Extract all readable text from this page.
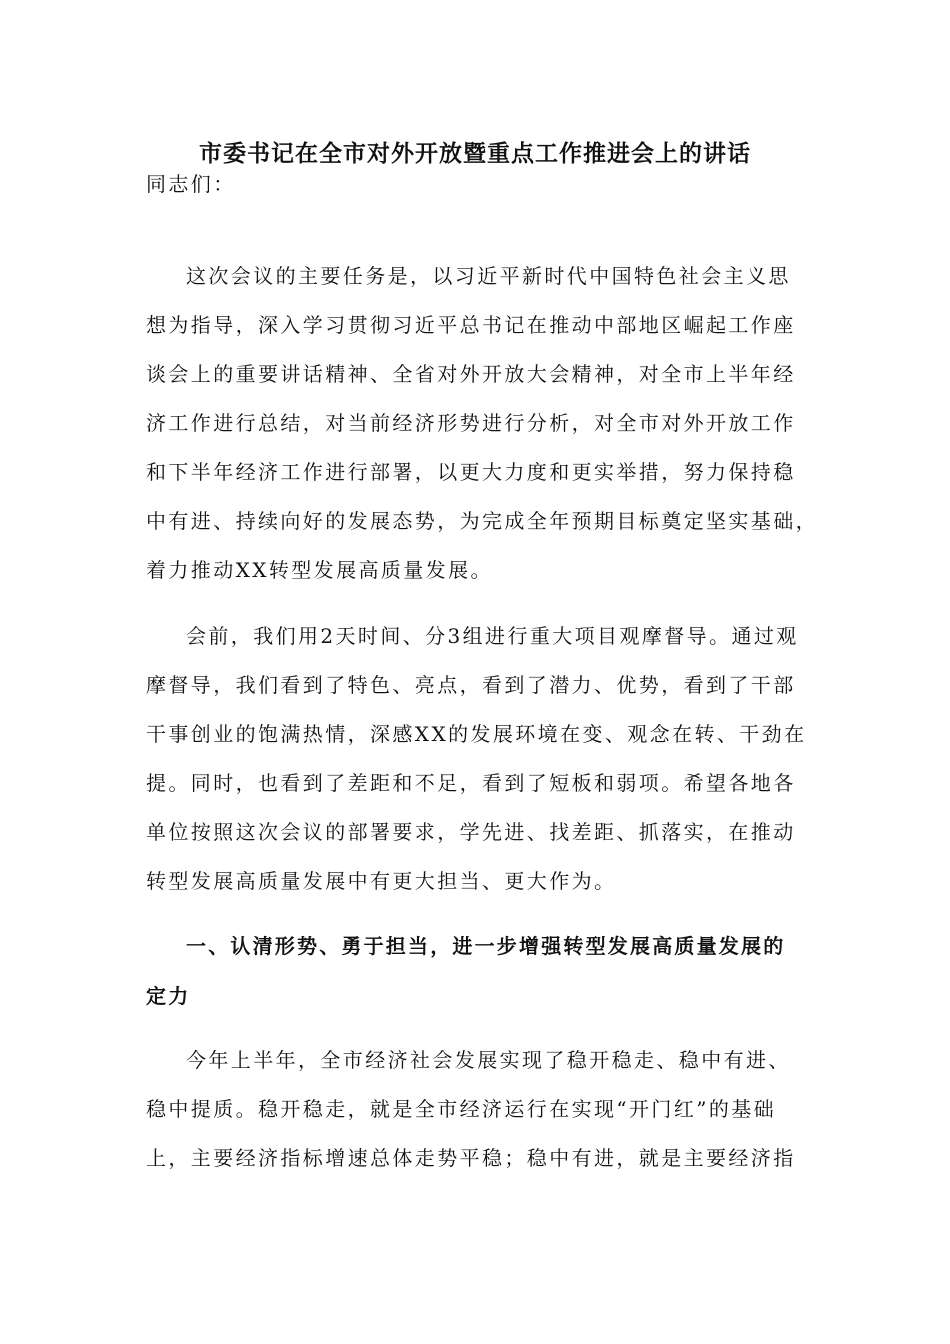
市委书记在全市对外开放暨重点工作推进会上的讲话

同志们：

这次会议的主要任务是，以习近平新时代中国特色社会主义思

想为指导，深入学习贯彻习近平总书记在推动中部地区崛起工作座

谈会上的重要讲话精神、全省对外开放大会精神，对全市上半年经

济工作进行总结，对当前经济形势进行分析，对全市对外开放工作

和下半年经济工作进行部署，以更大力度和更实举措，努力保持稳

中有进、持续向好的发展态势，为完成全年预期目标奠定坚实基础，

着力推动XX转型发展高质量发展。

会前，我们用2天时间、分3组进行重大项目观摩督导。通过观

摩督导，我们看到了特色、亮点，看到了潜力、优势，看到了干部

干事创业的饱满热情，深感XX的发展环境在变、观念在转、干劲在

提。同时，也看到了差距和不足，看到了短板和弱项。希望各地各

单位按照这次会议的部署要求，学先进、找差距、抓落实，在推动

转型发展高质量发展中有更大担当、更大作为。

一、认清形势、勇于担当，进一步增强转型发展高质量发展的

定力

今年上半年，全市经济社会发展实现了稳开稳走、稳中有进、

稳中提质。稳开稳走，就是全市经济运行在实现“开门红”的基础

上，主要经济指标增速总体走势平稳；稳中有进，就是主要经济指
